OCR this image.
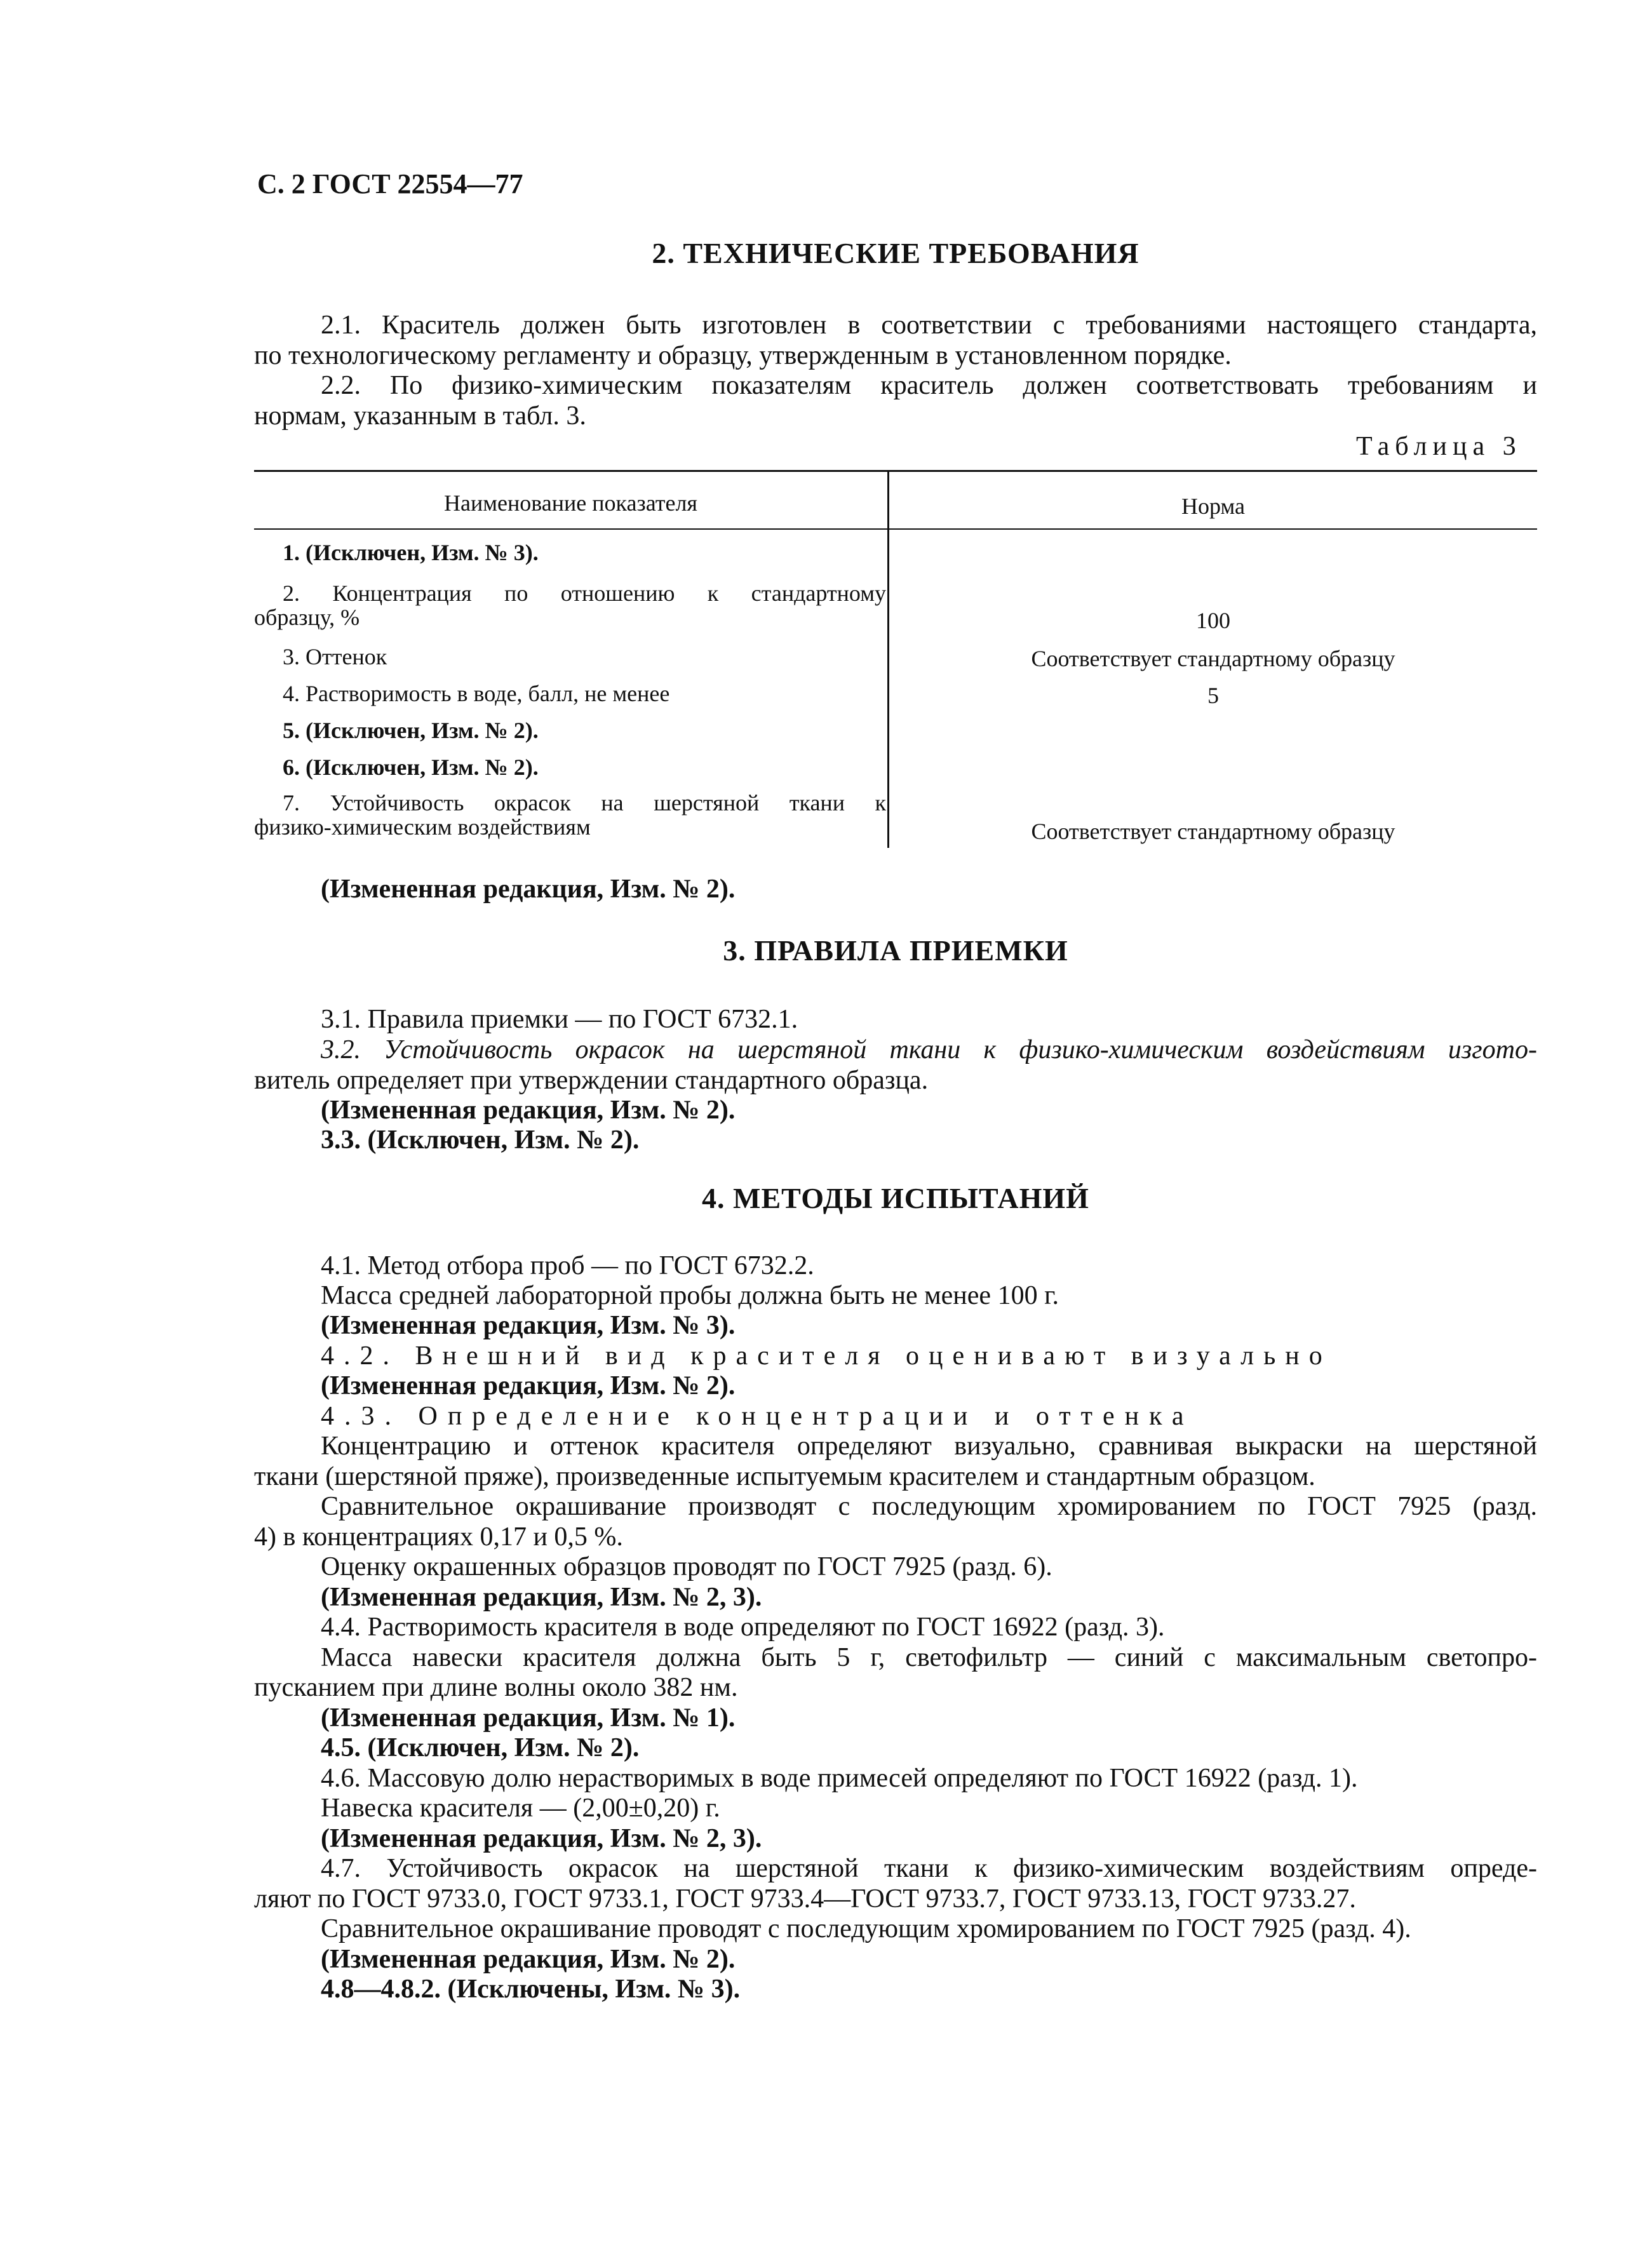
С. 2 ГОСТ 22554—77
2. ТЕХНИЧЕСКИЕ ТРЕБОВАНИЯ
2.1. Краситель должен быть изготовлен в соответствии с требованиями настоящего стандарта,
по технологическому регламенту и образцу, утвержденным в установленном порядке.
2.2. По физико-химическим показателям краситель должен соответствовать требованиям и
нормам, указанным в табл. 3.
Таблица 3
Наименование показателя	Норма
1. (Исключен, Изм. № 3).
2. Концентрация по отношению к стандартному
образцу, %	100
3. Оттенок	Соответствует стандартному образцу
4. Растворимость в воде, балл, не менее	5
5. (Исключен, Изм. № 2).
6. (Исключен, Изм. № 2).
7. Устойчивость окрасок на шерстяной ткани к
физико-химическим воздействиям	Соответствует стандартному образцу
(Измененная редакция, Изм. № 2).
3. ПРАВИЛА ПРИЕМКИ
3.1. Правила приемки — по ГОСТ 6732.1.
3.2. Устойчивость окрасок на шерстяной ткани к физико-химическим воздействиям изгото-
витель определяет при утверждении стандартного образца.
(Измененная редакция, Изм. № 2).
3.3. (Исключен, Изм. № 2).
4. МЕТОДЫ ИСПЫТАНИЙ
4.1. Метод отбора проб — по ГОСТ 6732.2.
Масса средней лабораторной пробы должна быть не менее 100 г.
(Измененная редакция, Изм. № 3).
4.2. Внешний вид красителя оценивают визуально
(Измененная редакция, Изм. № 2).
4.3. Определение концентрации и оттенка
Концентрацию и оттенок красителя определяют визуально, сравнивая выкраски на шерстяной
ткани (шерстяной пряже), произведенные испытуемым красителем и стандартным образцом.
Сравнительное окрашивание производят с последующим хромированием по ГОСТ 7925 (разд.
4) в концентрациях 0,17 и 0,5 %.
Оценку окрашенных образцов проводят по ГОСТ 7925 (разд. 6).
(Измененная редакция, Изм. № 2, 3).
4.4. Растворимость красителя в воде определяют по ГОСТ 16922 (разд. 3).
Масса навески красителя должна быть 5 г, светофильтр — синий с максимальным светопро-
пусканием при длине волны около 382 нм.
(Измененная редакция, Изм. № 1).
4.5. (Исключен, Изм. № 2).
4.6. Массовую долю нерастворимых в воде примесей определяют по ГОСТ 16922 (разд. 1).
Навеска красителя — (2,00±0,20) г.
(Измененная редакция, Изм. № 2, 3).
4.7. Устойчивость окрасок на шерстяной ткани к физико-химическим воздействиям опреде-
ляют по ГОСТ 9733.0, ГОСТ 9733.1, ГОСТ 9733.4—ГОСТ 9733.7, ГОСТ 9733.13, ГОСТ 9733.27.
Сравнительное окрашивание проводят с последующим хромированием по ГОСТ 7925 (разд. 4).
(Измененная редакция, Изм. № 2).
4.8—4.8.2. (Исключены, Изм. № 3).
